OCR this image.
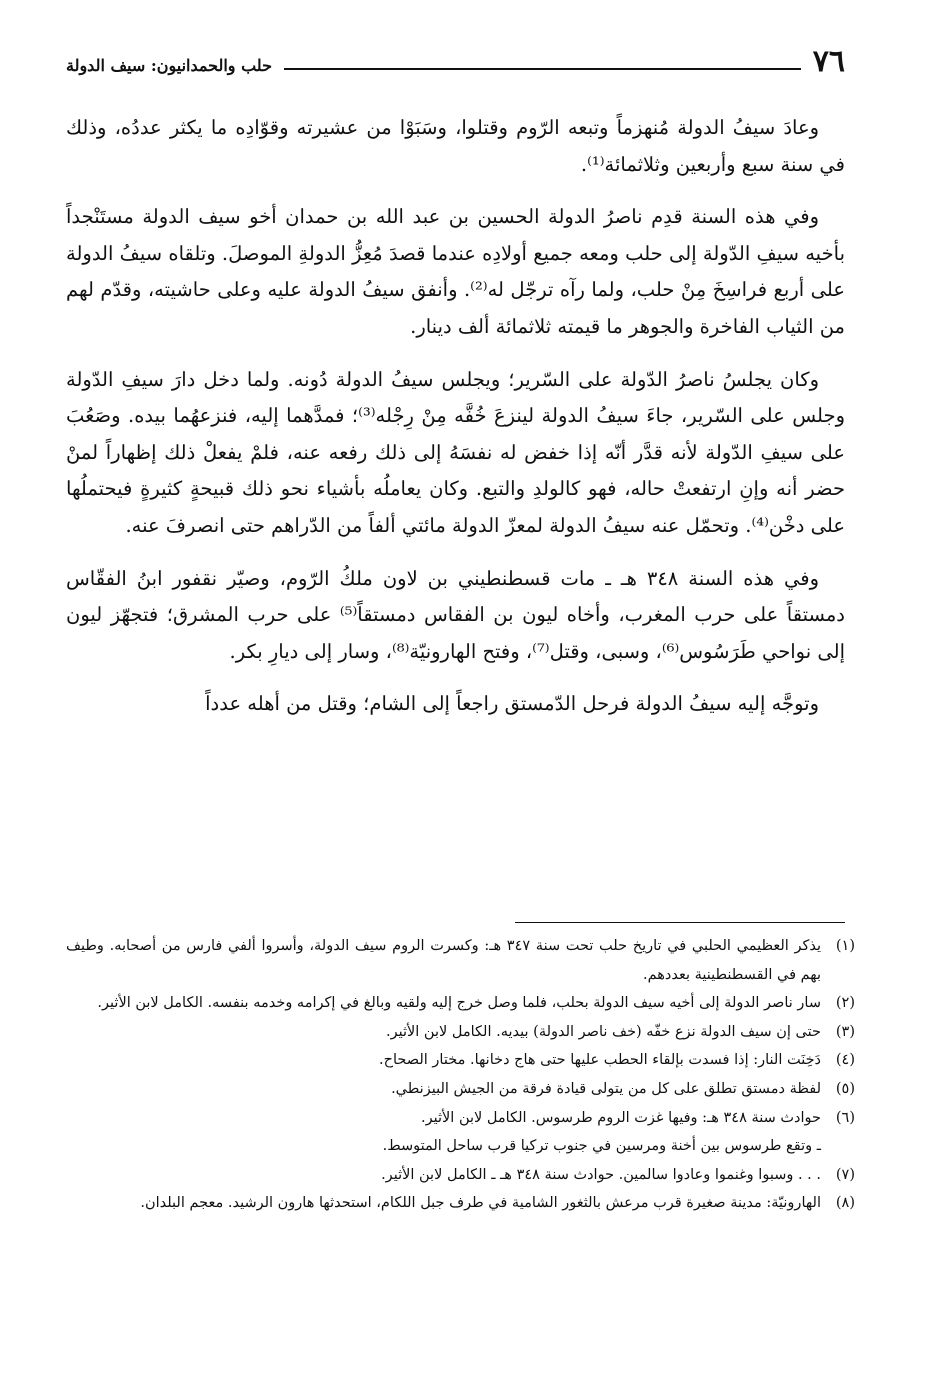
٧٦
حلب والحمدانيون: سيف الدولة

وعادَ سيفُ الدولة مُنهزماً وتبعه الرّوم وقتلوا، وسَبَوْا من عشيرته وقوّادِه ما يكثر عددُه، وذلك في سنة سبع وأربعين وثلاثمائة⁽¹⁾.

وفي هذه السنة قدِم ناصرُ الدولة الحسين بن عبد الله بن حمدان أخو سيف الدولة مستَنْجداً بأخيه سيفِ الدّولة إلى حلب ومعه جميع أولادِه عندما قصدَ مُعِزُّ الدولةِ الموصلَ. وتلقاه سيفُ الدولة على أربع فراسِخَ مِنْ حلب، ولما رآه ترجّل له⁽²⁾. وأنفق سيفُ الدولة عليه وعلى حاشيته، وقدّم لهم من الثياب الفاخرة والجوهر ما قيمته ثلاثمائة ألف دينار.

وكان يجلسُ ناصرُ الدّولة على السّرير؛ ويجلس سيفُ الدولة دُونه. ولما دخل دارَ سيفِ الدّولة وجلس على السّرير، جاءَ سيفُ الدولة لينزعَ خُفَّه مِنْ رِجْله⁽³⁾؛ فمدَّهما إليه، فنزعهُما بيده. وصَعُبَ على سيفِ الدّولة لأنه قدَّر أنّه إذا خفض له نفسَهُ إلى ذلك رفعه عنه، فلمْ يفعلْ ذلك إظهاراً لمنْ حضر أنه وإنِ ارتفعتْ حاله، فهو كالولدِ والتبع. وكان يعاملُه بأشياء نحو ذلك قبيحةٍ كثيرةٍ فيحتملُها على دخْن⁽⁴⁾. وتحمّل عنه سيفُ الدولة لمعزّ الدولة مائتي ألفاً من الدّراهم حتى انصرفَ عنه.

وفي هذه السنة ٣٤٨ هـ ـ مات قسطنطيني بن لاون ملكُ الرّوم، وصيّر نقفور ابنُ الفقّاس دمستقاً على حرب المغرب، وأخاه ليون بن الفقاس دمستقاً⁽⁵⁾ على حرب المشرق؛ فتجهّز ليون إلى نواحي طَرَسُوس⁽⁶⁾، وسبى، وقتل⁽⁷⁾، وفتح الهارونيّة⁽⁸⁾، وسار إلى ديارِ بكر.

وتوجَّه إليه سيفُ الدولة فرحل الدّمستق راجعاً إلى الشام؛ وقتل من أهله عدداً

(١)
يذكر العظيمي الحلبي في تاريخ حلب تحت سنة ٣٤٧ هـ: وكسرت الروم سيف الدولة، وأسروا ألفي فارس من أصحابه. وطيف بهم في القسطنطينية بعددهم.

(٢)
سار ناصر الدولة إلى أخيه سيف الدولة بحلب، فلما وصل خرج إليه ولقيه وبالغ في إكرامه وخدمه بنفسه. الكامل لابن الأثير.

(٣)
حتى إن سيف الدولة نزع خفّه (خف ناصر الدولة) بيديه. الكامل لابن الأثير.

(٤)
دَخِنَت النار: إذا فسدت بإلقاء الحطب عليها حتى هاج دخانها. مختار الصحاح.

(٥)
لفظة دمستق تطلق على كل من يتولى قيادة فرقة من الجيش البيزنطي.

(٦)
حوادث سنة ٣٤٨ هـ: وفيها غزت الروم طرسوس. الكامل لابن الأثير.

ـ وتقع طرسوس بين أخنة ومرسين في جنوب تركيا قرب ساحل المتوسط.

(٧)
. . . وسبوا وغنموا وعادوا سالمين. حوادث سنة ٣٤٨ هـ ـ الكامل لابن الأثير.

(٨)
الهارونيّة: مدينة صغيرة قرب مرعش بالثغور الشامية في طرف جبل اللكام، استحدثها هارون الرشيد. معجم البلدان.
